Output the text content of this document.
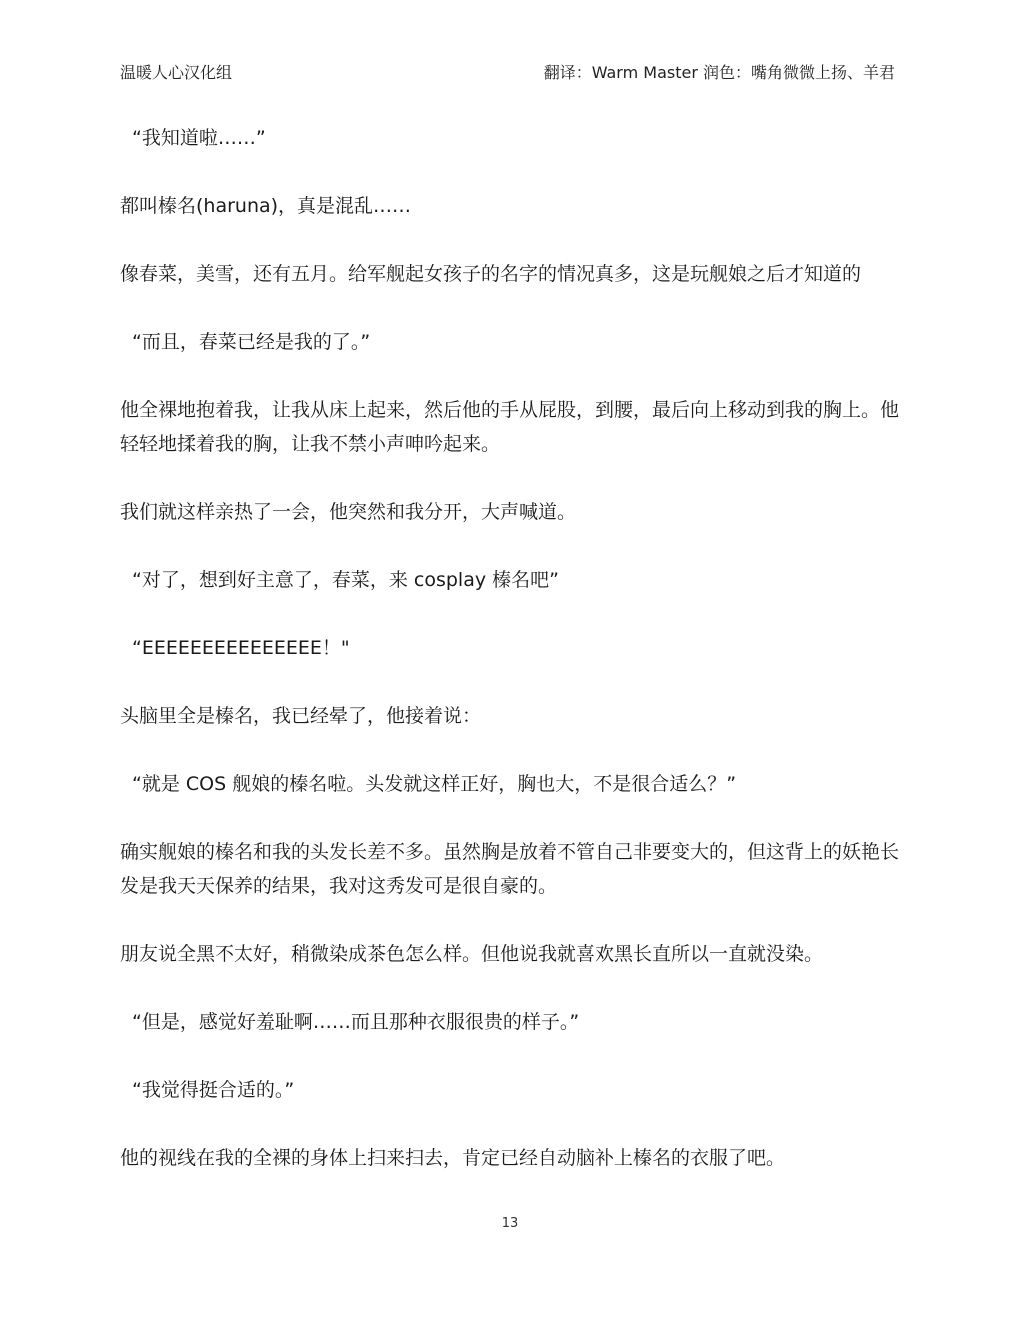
温暖人心汉化组	翻译：Warm Master 润色：嘴角微微上扬、羊君

“我知道啦……”

都叫榛名(haruna)，真是混乱……

像春菜，美雪，还有五月。给军舰起女孩子的名字的情况真多，这是玩舰娘之后才知道的

“而且，春菜已经是我的了。”

他全裸地抱着我，让我从床上起来，然后他的手从屁股，到腰，最后向上移动到我的胸上。他轻轻地揉着我的胸，让我不禁小声呻吟起来。

我们就这样亲热了一会，他突然和我分开，大声喊道。

“对了，想到好主意了，春菜，来 cosplay 榛名吧”

“EEEEEEEEEEEEEEE！"

头脑里全是榛名，我已经晕了，他接着说：

“就是 COS 舰娘的榛名啦。头发就这样正好，胸也大，不是很合适么？”

确实舰娘的榛名和我的头发长差不多。虽然胸是放着不管自己非要变大的，但这背上的妖艳长发是我天天保养的结果，我对这秀发可是很自豪的。

朋友说全黑不太好，稍微染成茶色怎么样。但他说我就喜欢黑长直所以一直就没染。

“但是，感觉好羞耻啊……而且那种衣服很贵的样子。”

“我觉得挺合适的。”

他的视线在我的全裸的身体上扫来扫去，肯定已经自动脑补上榛名的衣服了吧。

13
